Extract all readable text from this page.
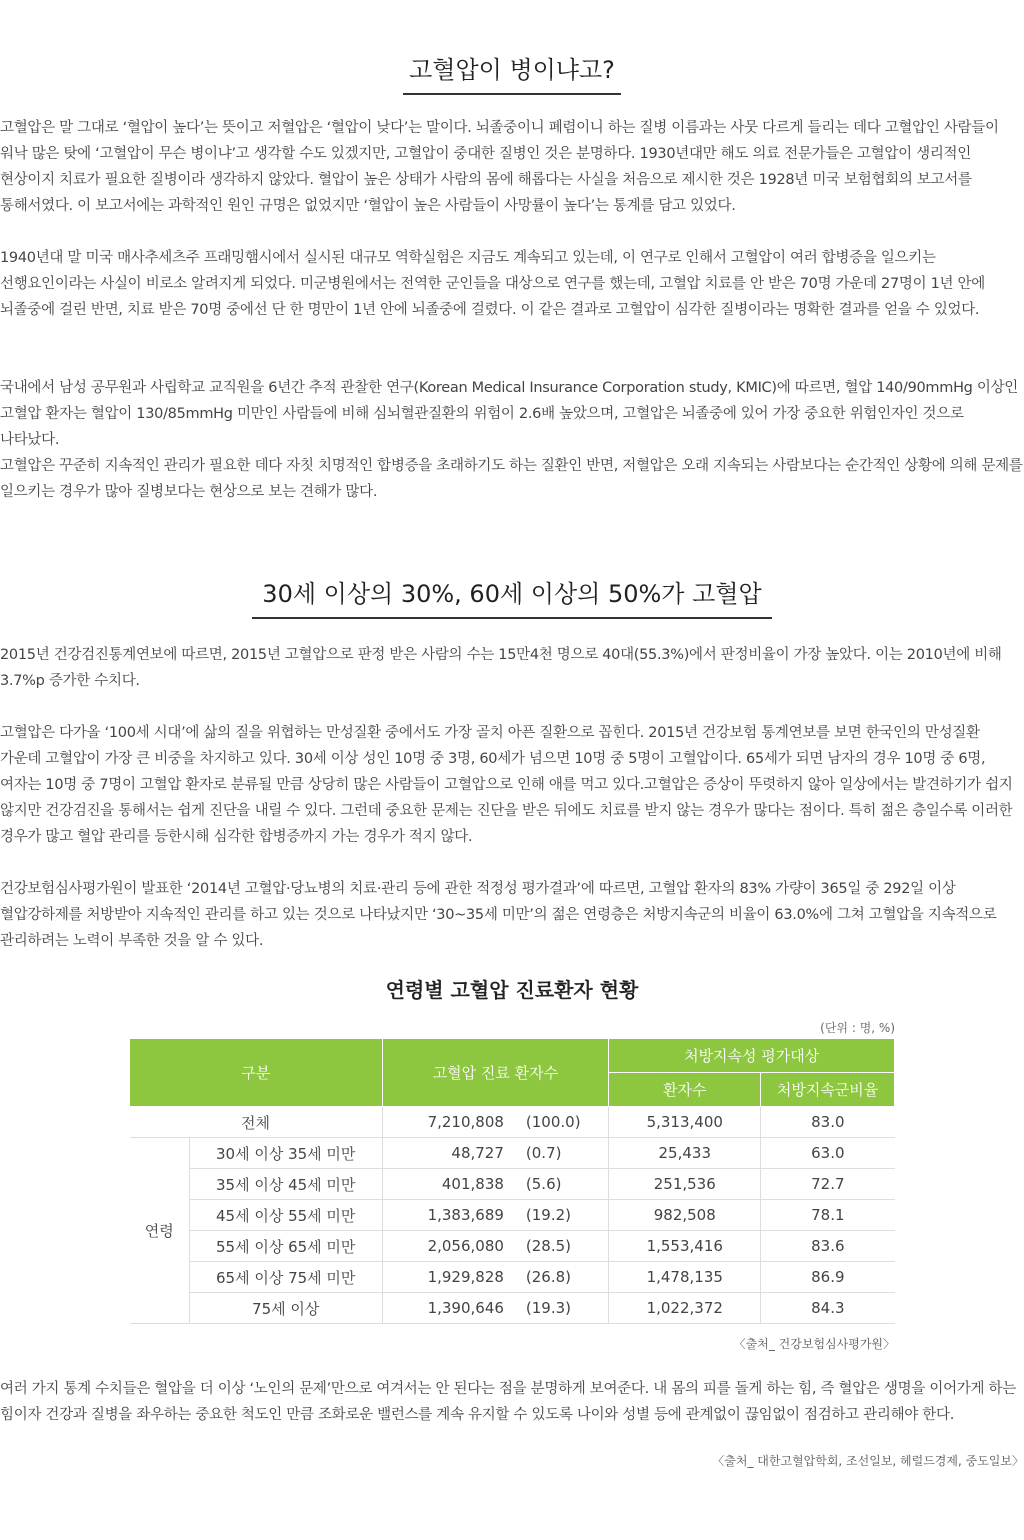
고혈압이 병이냐고?

고혈압은 말 그대로 ‘혈압이 높다’는 뜻이고 저혈압은 ‘혈압이 낮다’는 말이다. 뇌졸중이니 폐렴이니 하는 질병 이름과는 사뭇 다르게 들리는 데다 고혈압인 사람들이 워낙 많은 탓에 ‘고혈압이 무슨 병이냐’고 생각할 수도 있겠지만, 고혈압이 중대한 질병인 것은 분명하다. 1930년대만 해도 의료 전문가들은 고혈압이 생리적인 현상이지 치료가 필요한 질병이라 생각하지 않았다. 혈압이 높은 상태가 사람의 몸에 해롭다는 사실을 처음으로 제시한 것은 1928년 미국 보험협회의 보고서를 통해서였다. 이 보고서에는 과학적인 원인 규명은 없었지만 ‘혈압이 높은 사람들이 사망률이 높다’는 통계를 담고 있었다.

1940년대 말 미국 매사추세츠주 프래밍햄시에서 실시된 대규모 역학실험은 지금도 계속되고 있는데, 이 연구로 인해서 고혈압이 여러 합병증을 일으키는 선행요인이라는 사실이 비로소 알려지게 되었다. 미군병원에서는 전역한 군인들을 대상으로 연구를 했는데, 고혈압 치료를 안 받은 70명 가운데 27명이 1년 안에 뇌졸중에 걸린 반면, 치료 받은 70명 중에선 단 한 명만이 1년 안에 뇌졸중에 걸렸다. 이 같은 결과로 고혈압이 심각한 질병이라는 명확한 결과를 얻을 수 있었다.

국내에서 남성 공무원과 사립학교 교직원을 6년간 추적 관찰한 연구(Korean Medical Insurance Corporation study, KMIC)에 따르면, 혈압 140/90mmHg 이상인 고혈압 환자는 혈압이 130/85mmHg 미만인 사람들에 비해 심뇌혈관질환의 위험이 2.6배 높았으며, 고혈압은 뇌졸중에 있어 가장 중요한 위험인자인 것으로 나타났다.

고혈압은 꾸준히 지속적인 관리가 필요한 데다 자칫 치명적인 합병증을 초래하기도 하는 질환인 반면, 저혈압은 오래 지속되는 사람보다는 순간적인 상황에 의해 문제를 일으키는 경우가 많아 질병보다는 현상으로 보는 견해가 많다.

30세 이상의 30%, 60세 이상의 50%가 고혈압

2015년 건강검진통계연보에 따르면, 2015년 고혈압으로 판정 받은 사람의 수는 15만4천 명으로 40대(55.3%)에서 판정비율이 가장 높았다. 이는 2010년에 비해 3.7%p 증가한 수치다.

고혈압은 다가올 ‘100세 시대’에 삶의 질을 위협하는 만성질환 중에서도 가장 골치 아픈 질환으로 꼽힌다. 2015년 건강보험 통계연보를 보면 한국인의 만성질환 가운데 고혈압이 가장 큰 비중을 차지하고 있다. 30세 이상 성인 10명 중 3명, 60세가 넘으면 10명 중 5명이 고혈압이다. 65세가 되면 남자의 경우 10명 중 6명, 여자는 10명 중 7명이 고혈압 환자로 분류될 만큼 상당히 많은 사람들이 고혈압으로 인해 애를 먹고 있다.고혈압은 증상이 뚜렷하지 않아 일상에서는 발견하기가 쉽지 않지만 건강검진을 통해서는 쉽게 진단을 내릴 수 있다. 그런데 중요한 문제는 진단을 받은 뒤에도 치료를 받지 않는 경우가 많다는 점이다. 특히 젊은 층일수록 이러한 경우가 많고 혈압 관리를 등한시해 심각한 합병증까지 가는 경우가 적지 않다.

건강보험심사평가원이 발표한 ‘2014년 고혈압·당뇨병의 치료·관리 등에 관한 적정성 평가결과’에 따르면, 고혈압 환자의 83% 가량이 365일 중 292일 이상 혈압강하제를 처방받아 지속적인 관리를 하고 있는 것으로 나타났지만 ‘30~35세 미만’의 젊은 연령층은 처방지속군의 비율이 63.0%에 그쳐 고혈압을 지속적으로 관리하려는 노력이 부족한 것을 알 수 있다.

연령별 고혈압 진료환자 현황

(단위 : 명, %)

구분		고혈압 진료 환자수		처방지속성 평가대상	
				환자수	처방지속군비율
전체		7,210,808	(100.0)	5,313,400	83.0
연령	30세 이상 35세 미만	48,727	(0.7)	25,433	63.0
	35세 이상 45세 미만	401,838	(5.6)	251,536	72.7
	45세 이상 55세 미만	1,383,689	(19.2)	982,508	78.1
	55세 이상 65세 미만	2,056,080	(28.5)	1,553,416	83.6
	65세 이상 75세 미만	1,929,828	(26.8)	1,478,135	86.9
	75세 이상	1,390,646	(19.3)	1,022,372	84.3

〈출처_ 건강보험심사평가원〉

여러 가지 통계 수치들은 혈압을 더 이상 ‘노인의 문제’만으로 여겨서는 안 된다는 점을 분명하게 보여준다. 내 몸의 피를 돌게 하는 힘, 즉 혈압은 생명을 이어가게 하는 힘이자 건강과 질병을 좌우하는 중요한 척도인 만큼 조화로운 밸런스를 계속 유지할 수 있도록 나이와 성별 등에 관계없이 끊임없이 점검하고 관리해야 한다.

〈출처_ 대한고혈압학회, 조선일보, 헤럴드경제, 중도일보〉
